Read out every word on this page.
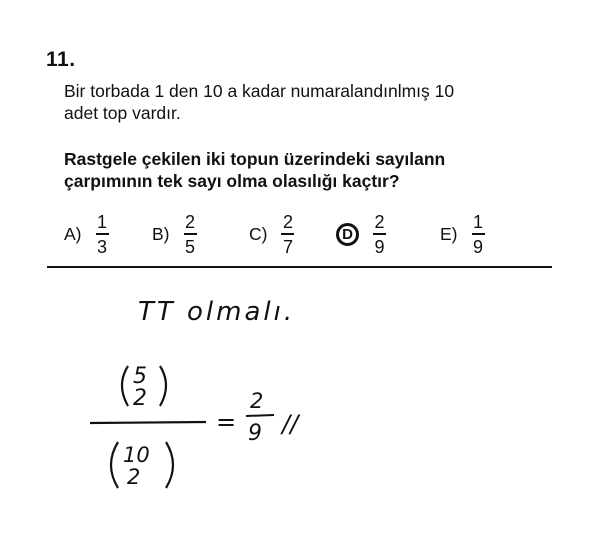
11.
Bir torbada 1 den 10 a kadar numaralandınlmış 10
adet top vardır.
Rastgele çekilen iki topun üzerindeki sayılann
çarpımının tek sayı olma olasılığı kaçtır?
$A) \frac{1}{3} B) \frac{2}{5}$	$C) \frac{2}{7}$	D $\frac{2}{9}$	$E) \frac{1}{9}$
TT olmalı.
5
2
10
2
=
2
9 //
